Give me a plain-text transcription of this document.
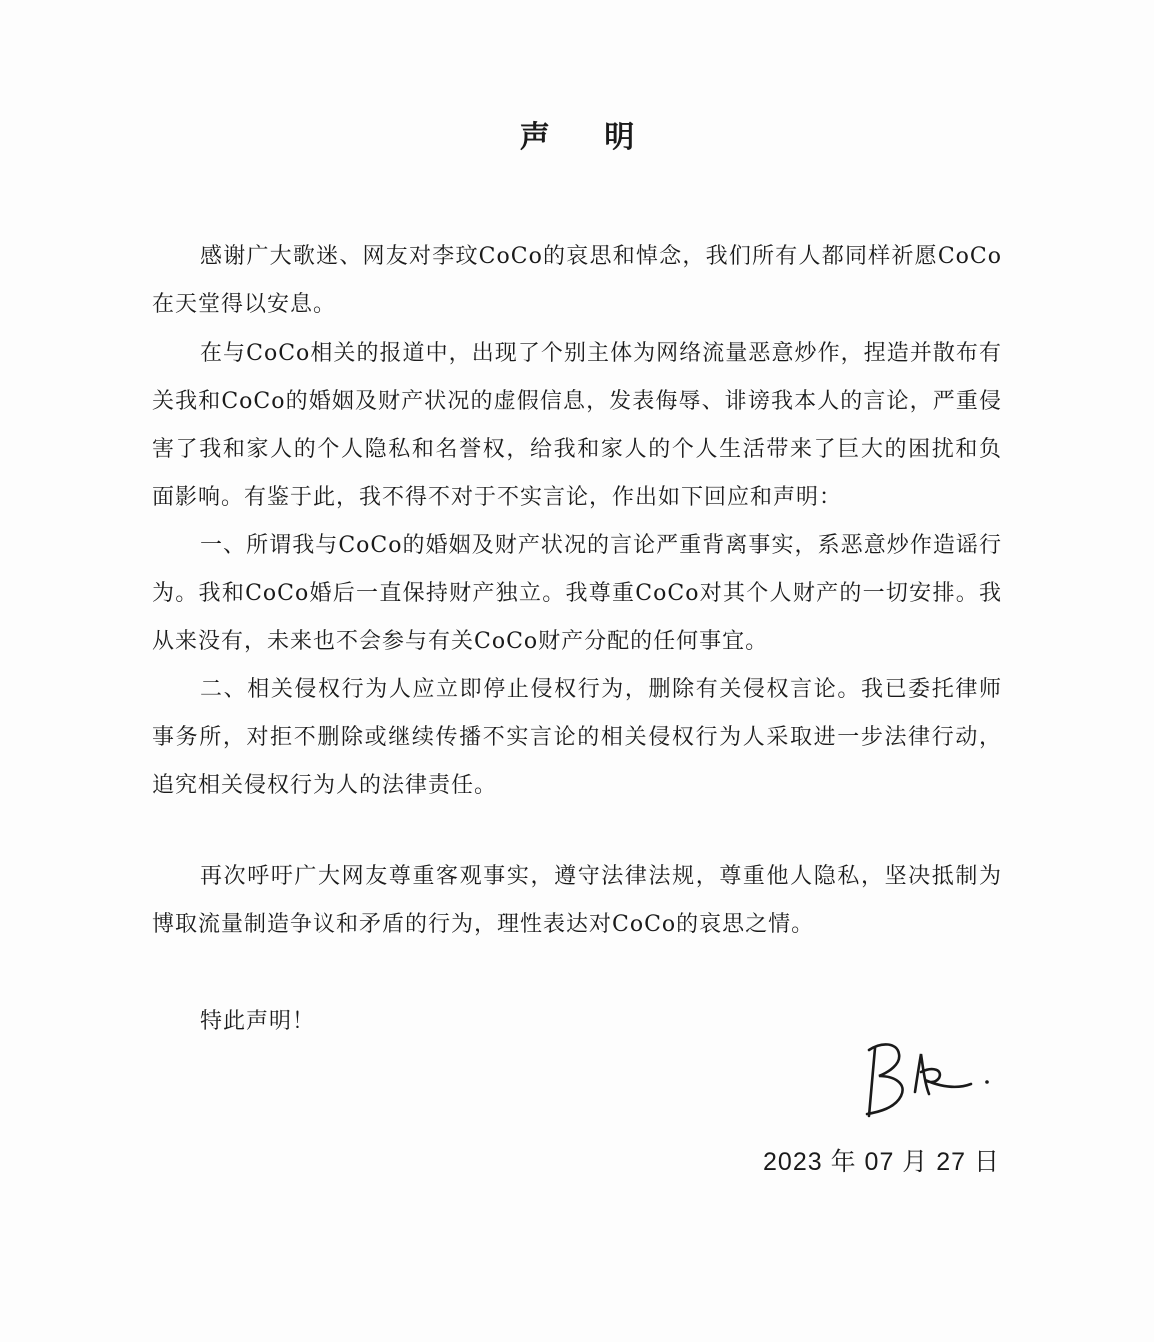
声 明

感谢广大歌迷、网友对李玟CoCo的哀思和悼念，我们所有人都同样祈愿CoCo在天堂得以安息。

在与CoCo相关的报道中，出现了个别主体为网络流量恶意炒作，捏造并散布有关我和CoCo的婚姻及财产状况的虚假信息，发表侮辱、诽谤我本人的言论，严重侵害了我和家人的个人隐私和名誉权，给我和家人的个人生活带来了巨大的困扰和负面影响。有鉴于此，我不得不对于不实言论，作出如下回应和声明：

一、所谓我与CoCo的婚姻及财产状况的言论严重背离事实，系恶意炒作造谣行为。我和CoCo婚后一直保持财产独立。我尊重CoCo对其个人财产的一切安排。我从来没有，未来也不会参与有关CoCo财产分配的任何事宜。

二、相关侵权行为人应立即停止侵权行为，删除有关侵权言论。我已委托律师事务所，对拒不删除或继续传播不实言论的相关侵权行为人采取进一步法律行动，追究相关侵权行为人的法律责任。

再次呼吁广大网友尊重客观事实，遵守法律法规，尊重他人隐私，坚决抵制为博取流量制造争议和矛盾的行为，理性表达对CoCo的哀思之情。

特此声明！

2023 年 07 月 27 日
